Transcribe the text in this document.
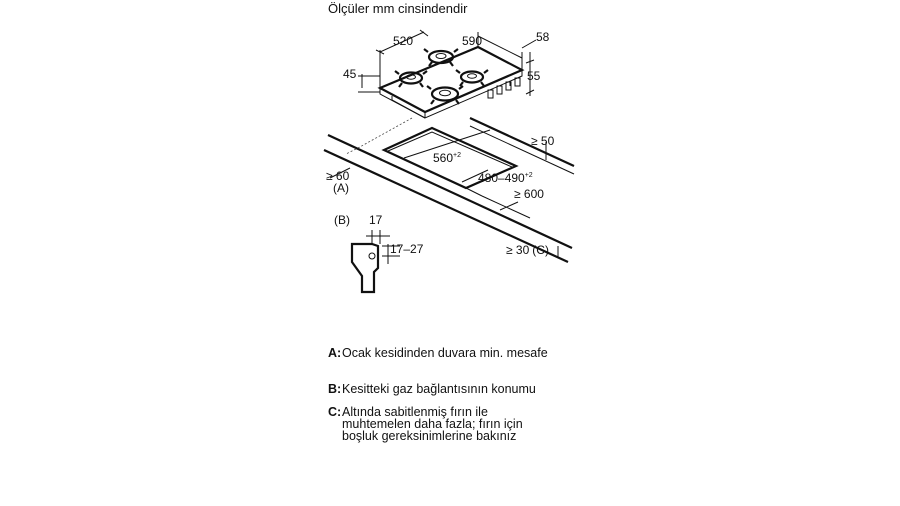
Ölçüler mm cinsindendir
520	590
45
58
55
$560^{+2}$
$480-490^{+2}$
≥ 50
≥ 60
(A)	≥ 600
≥ 30 (C)
(B) 17
17–27
A: Ocak kesidinden duvara min. mesafe
B: Kesitteki gaz bağlantısının konumu
C: Altında sabitlenmiş fırın ile muhtemelen daha fazla; fırın için boşluk gereksinimlerine bakınız
